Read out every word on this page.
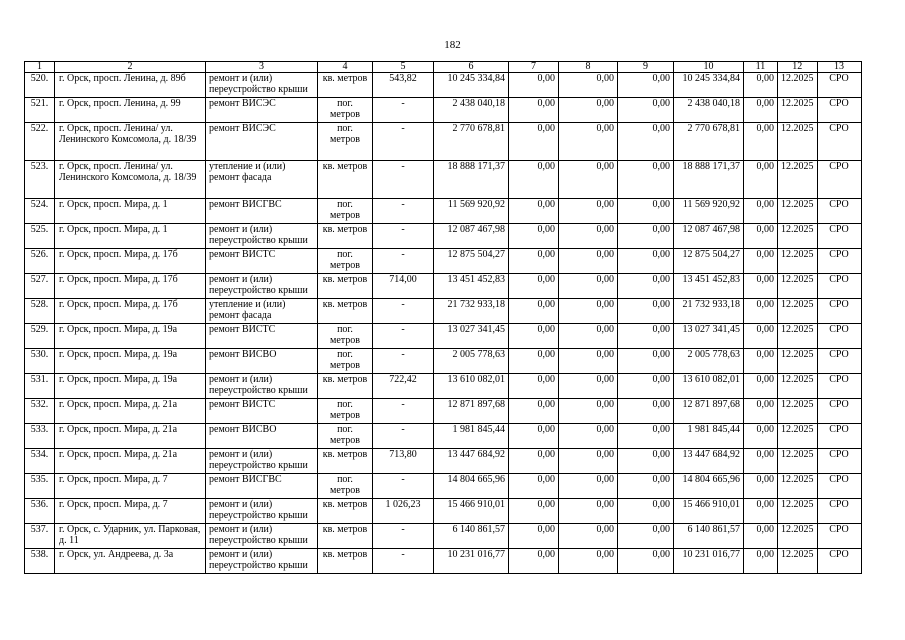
182
1	2	3	4	5	6	7	8	9	10	11	12	13
520.	г. Орск, просп. Ленина, д. 89б	ремонт и (или) переустройство крыши	кв. метров	543,82	10 245 334,84	0,00	0,00	0,00	10 245 334,84	0,00	12.2025	СРО
521.	г. Орск, просп. Ленина, д. 99	ремонт ВИСЭС	пог. метров	-	2 438 040,18	0,00	0,00	0,00	2 438 040,18	0,00	12.2025	СРО
522.	г. Орск, просп. Ленина/ ул. Ленинского Комсомола, д. 18/39	ремонт ВИСЭС	пог. метров	-	2 770 678,81	0,00	0,00	0,00	2 770 678,81	0,00	12.2025	СРО
523.	г. Орск, просп. Ленина/ ул. Ленинского Комсомола, д. 18/39	утепление и (или) ремонт фасада	кв. метров	-	18 888 171,37	0,00	0,00	0,00	18 888 171,37	0,00	12.2025	СРО
524.	г. Орск, просп. Мира, д. 1	ремонт ВИСГВС	пог. метров	-	11 569 920,92	0,00	0,00	0,00	11 569 920,92	0,00	12.2025	СРО
525.	г. Орск, просп. Мира, д. 1	ремонт и (или) переустройство крыши	кв. метров	-	12 087 467,98	0,00	0,00	0,00	12 087 467,98	0,00	12.2025	СРО
526.	г. Орск, просп. Мира, д. 17б	ремонт ВИСТС	пог. метров	-	12 875 504,27	0,00	0,00	0,00	12 875 504,27	0,00	12.2025	СРО
527.	г. Орск, просп. Мира, д. 17б	ремонт и (или) переустройство крыши	кв. метров	714,00	13 451 452,83	0,00	0,00	0,00	13 451 452,83	0,00	12.2025	СРО
528.	г. Орск, просп. Мира, д. 17б	утепление и (или) ремонт фасада	кв. метров	-	21 732 933,18	0,00	0,00	0,00	21 732 933,18	0,00	12.2025	СРО
529.	г. Орск, просп. Мира, д. 19а	ремонт ВИСТС	пог. метров	-	13 027 341,45	0,00	0,00	0,00	13 027 341,45	0,00	12.2025	СРО
530.	г. Орск, просп. Мира, д. 19а	ремонт ВИСВО	пог. метров	-	2 005 778,63	0,00	0,00	0,00	2 005 778,63	0,00	12.2025	СРО
531.	г. Орск, просп. Мира, д. 19а	ремонт и (или) переустройство крыши	кв. метров	722,42	13 610 082,01	0,00	0,00	0,00	13 610 082,01	0,00	12.2025	СРО
532.	г. Орск, просп. Мира, д. 21а	ремонт ВИСТС	пог. метров	-	12 871 897,68	0,00	0,00	0,00	12 871 897,68	0,00	12.2025	СРО
533.	г. Орск, просп. Мира, д. 21а	ремонт ВИСВО	пог. метров	-	1 981 845,44	0,00	0,00	0,00	1 981 845,44	0,00	12.2025	СРО
534.	г. Орск, просп. Мира, д. 21а	ремонт и (или) переустройство крыши	кв. метров	713,80	13 447 684,92	0,00	0,00	0,00	13 447 684,92	0,00	12.2025	СРО
535.	г. Орск, просп. Мира, д. 7	ремонт ВИСГВС	пог. метров	-	14 804 665,96	0,00	0,00	0,00	14 804 665,96	0,00	12.2025	СРО
536.	г. Орск, просп. Мира, д. 7	ремонт и (или) переустройство крыши	кв. метров	1 026,23	15 466 910,01	0,00	0,00	0,00	15 466 910,01	0,00	12.2025	СРО
537.	г. Орск, с. Ударник, ул. Парковая, д. 11	ремонт и (или) переустройство крыши	кв. метров	-	6 140 861,57	0,00	0,00	0,00	6 140 861,57	0,00	12.2025	СРО
538.	г. Орск, ул. Андреева, д. 3а	ремонт и (или) переустройство крыши	кв. метров	-	10 231 016,77	0,00	0,00	0,00	10 231 016,77	0,00	12.2025	СРО
